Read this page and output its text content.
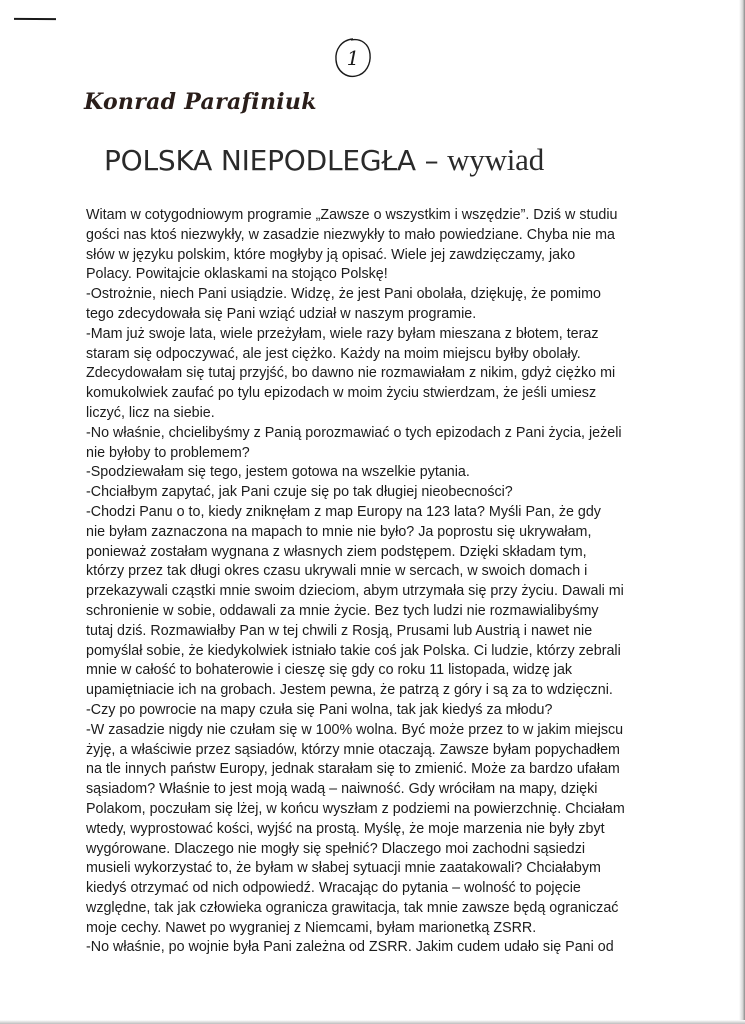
1
Konrad Parafiniuk
POLSKA NIEPODLEGŁA – wywiad
Witam w cotygodniowym programie „Zawsze o wszystkim i wszędzie”. Dziś w studiu
gości nas ktoś niezwykły, w zasadzie niezwykły to mało powiedziane. Chyba nie ma
słów w języku polskim, które mogłyby ją opisać. Wiele jej zawdzięczamy, jako
Polacy. Powitajcie oklaskami na stojąco Polskę!
-Ostrożnie, niech Pani usiądzie. Widzę, że jest Pani obolała, dziękuję, że pomimo
tego zdecydowała się Pani wziąć udział w naszym programie.
-Mam już swoje lata, wiele przeżyłam, wiele razy byłam mieszana z błotem, teraz
staram się odpoczywać, ale jest ciężko. Każdy na moim miejscu byłby obolały.
Zdecydowałam się tutaj przyjść, bo dawno nie rozmawiałam z nikim, gdyż ciężko mi
komukolwiek zaufać po tylu epizodach w moim życiu stwierdzam, że jeśli umiesz
liczyć, licz na siebie.
-No właśnie, chcielibyśmy z Panią porozmawiać o tych epizodach z Pani życia, jeżeli
nie byłoby to problemem?
-Spodziewałam się tego, jestem gotowa na wszelkie pytania.
-Chciałbym zapytać, jak Pani czuje się po tak długiej nieobecności?
-Chodzi Panu o to, kiedy zniknęłam z map Europy na 123 lata? Myśli Pan, że gdy
nie byłam zaznaczona na mapach to mnie nie było? Ja poprostu się ukrywałam,
ponieważ zostałam wygnana z własnych ziem podstępem. Dzięki składam tym,
którzy przez tak długi okres czasu ukrywali mnie w sercach, w swoich domach i
przekazywali cząstki mnie swoim dzieciom, abym utrzymała się przy życiu. Dawali mi
schronienie w sobie, oddawali za mnie życie. Bez tych ludzi nie rozmawialibyśmy
tutaj dziś. Rozmawiałby Pan w tej chwili z Rosją, Prusami lub Austrią i nawet nie
pomyślał sobie, że kiedykolwiek istniało takie coś jak Polska. Ci ludzie, którzy zebrali
mnie w całość to bohaterowie i cieszę się gdy co roku 11 listopada, widzę jak
upamiętniacie ich na grobach. Jestem pewna, że patrzą z góry i są za to wdzięczni.
-Czy po powrocie na mapy czuła się Pani wolna, tak jak kiedyś za młodu?
-W zasadzie nigdy nie czułam się w 100% wolna. Być może przez to w jakim miejscu
żyję, a właściwie przez sąsiadów, którzy mnie otaczają. Zawsze byłam popychadłem
na tle innych państw Europy, jednak starałam się to zmienić. Może za bardzo ufałam
sąsiadom? Właśnie to jest moją wadą – naiwność. Gdy wróciłam na mapy, dzięki
Polakom, poczułam się lżej, w końcu wyszłam z podziemi na powierzchnię. Chciałam
wtedy, wyprostować kości, wyjść na prostą. Myślę, że moje marzenia nie były zbyt
wygórowane. Dlaczego nie mogły się spełnić? Dlaczego moi zachodni sąsiedzi
musieli wykorzystać to, że byłam w słabej sytuacji mnie zaatakowali? Chciałabym
kiedyś otrzymać od nich odpowiedź. Wracając do pytania – wolność to pojęcie
względne, tak jak człowieka ogranicza grawitacja, tak mnie zawsze będą ograniczać
moje cechy. Nawet po wygraniej z Niemcami, byłam marionetką ZSRR.
-No właśnie, po wojnie była Pani zależna od ZSRR. Jakim cudem udało się Pani od
